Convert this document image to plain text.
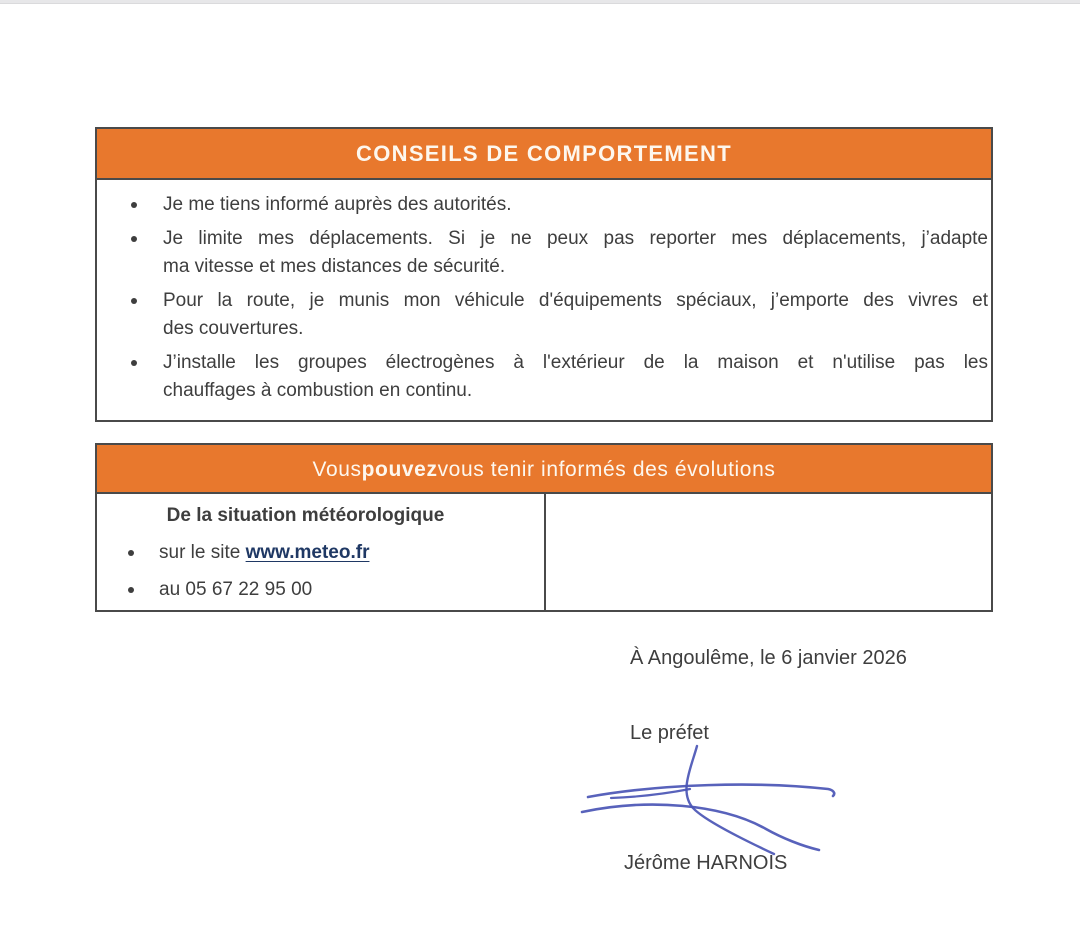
CONSEILS DE COMPORTEMENT
Je me tiens informé auprès des autorités.
Je limite mes déplacements. Si je ne peux pas reporter mes déplacements, j’adapte
ma vitesse et mes distances de sécurité.
Pour la route, je munis mon véhicule d'équipements spéciaux, j’emporte des vivres et
des couvertures.
J’installe les groupes électrogènes à l'extérieur de la maison et n'utilise pas les
chauffages à combustion en continu.
Vous pouvez vous tenir informés des évolutions
De la situation météorologique
sur le site www.meteo.fr
au 05 67 22 95 00
À Angoulême, le 6 janvier 2026
Le préfet
Jérôme HARNOIS
